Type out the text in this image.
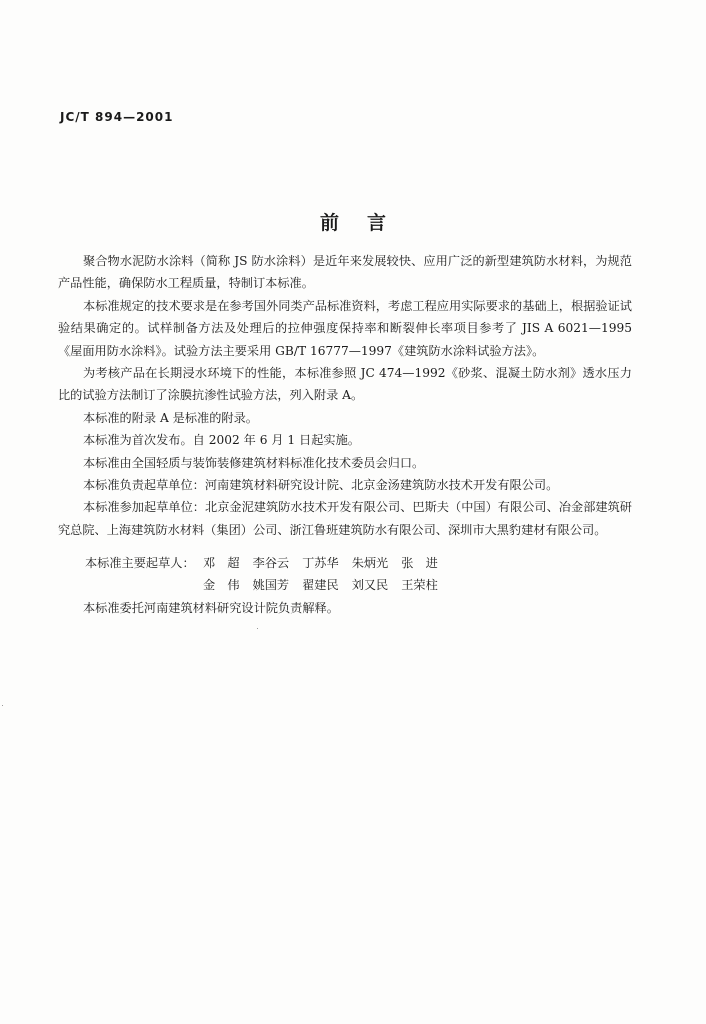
JC/T 894—2001
前言

聚合物水泥防水涂料（简称 JS 防水涂料）是近年来发展较快、应用广泛的新型建筑防水材料，为规范产品性能，确保防水工程质量，特制订本标准。

本标准规定的技术要求是在参考国外同类产品标准资料，考虑工程应用实际要求的基础上，根据验证试验结果确定的。试样制备方法及处理后的拉伸强度保持率和断裂伸长率项目参考了 JIS A 6021—1995《屋面用防水涂料》。试验方法主要采用 GB/T 16777—1997《建筑防水涂料试验方法》。

为考核产品在长期浸水环境下的性能，本标准参照 JC 474—1992《砂浆、混凝土防水剂》透水压力比的试验方法制订了涂膜抗渗性试验方法，列入附录 A。

本标准的附录 A 是标准的附录。

本标准为首次发布。自 2002 年 6 月 1 日起实施。

本标准由全国轻质与装饰装修建筑材料标准化技术委员会归口。

本标准负责起草单位：河南建筑材料研究设计院、北京金汤建筑防水技术开发有限公司。

本标准参加起草单位：北京金泥建筑防水技术开发有限公司、巴斯夫（中国）有限公司、冶金部建筑研究总院、上海建筑防水材料（集团）公司、浙江鲁班建筑防水有限公司、深圳市大黑豹建材有限公司。

本标准主要起草人： 邓　超 李谷云 丁苏华 朱炳光 张　进
金　伟 姚国芳 翟建民 刘又民 王荣柱

本标准委托河南建筑材料研究设计院负责解释。
